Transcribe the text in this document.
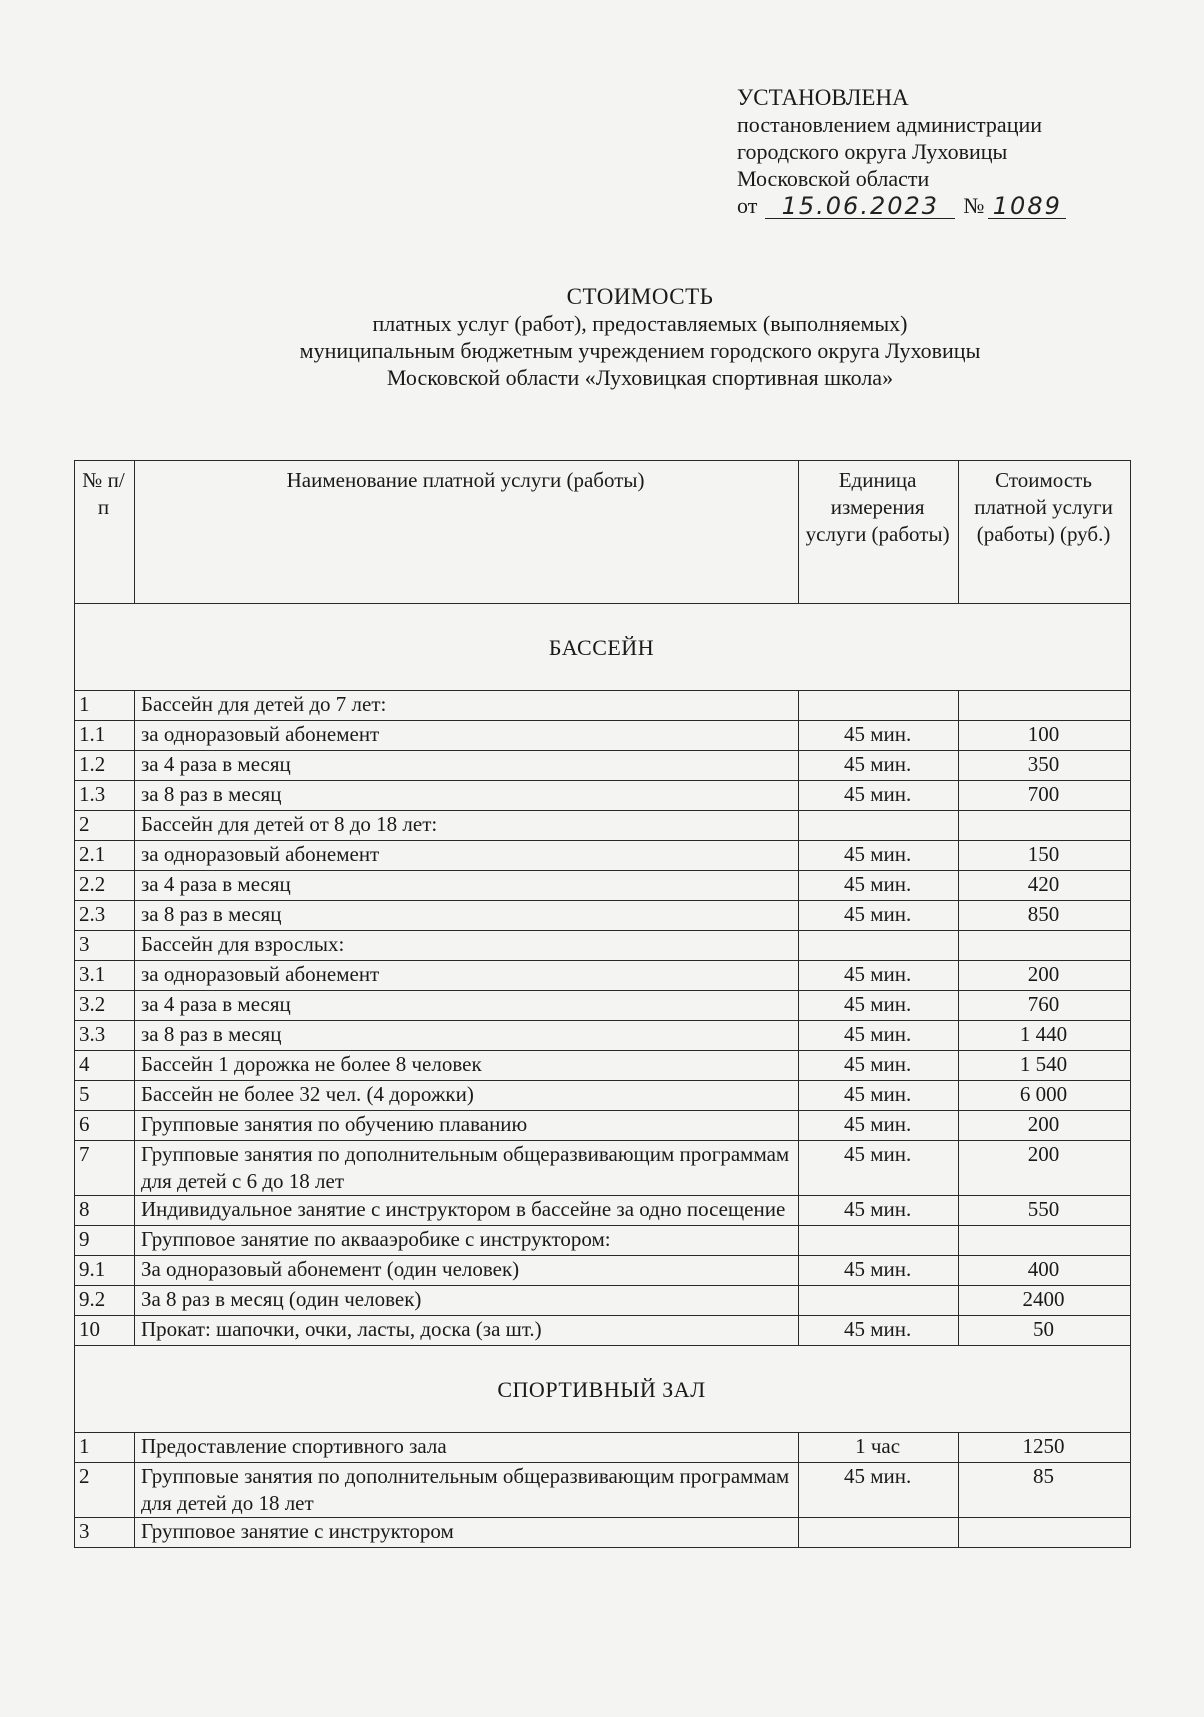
УСТАНОВЛЕНА
постановлением администрации
городского округа Луховицы
Московской области
от	15.06.2023	№ 1089
СТОИМОСТЬ
платных услуг (работ), предоставляемых (выполняемых)
муниципальным бюджетным учреждением городского округа Луховицы
Московской области «Луховицкая спортивная школа»
№ п/п	Наименование платной услуги (работы)	Единица измерения услуги (работы)	Стоимость платной услуги (работы) (руб.)
БАССЕЙН			
1	Бассейн для детей до 7 лет:		
1.1	за одноразовый абонемент	45 мин.	100
1.2	за 4 раза в месяц	45 мин.	350
1.3	за 8 раз в месяц	45 мин.	700
2	Бассейн для детей от 8 до 18 лет:		
2.1	за одноразовый абонемент	45 мин.	150
2.2	за 4 раза в месяц	45 мин.	420
2.3	за 8 раз в месяц	45 мин.	850
3	Бассейн для взрослых:		
3.1	за одноразовый абонемент	45 мин.	200
3.2	за 4 раза в месяц	45 мин.	760
3.3	за 8 раз в месяц	45 мин.	1 440
4	Бассейн 1 дорожка не более 8 человек	45 мин.	1 540
5	Бассейн не более 32 чел. (4 дорожки)	45 мин.	6 000
6	Групповые занятия по обучению плаванию	45 мин.	200
7	Групповые занятия по дополнительным общеразвивающим программам для детей с 6 до 18 лет	45 мин.	200
8	Индивидуальное занятие с инструктором в бассейне за одно посещение	45 мин.	550
9	Групповое занятие по аквааэробике с инструктором:		
9.1	За одноразовый абонемент (один человек)	45 мин.	400
9.2	За 8 раз в месяц (один человек)		2400
10	Прокат: шапочки, очки, ласты, доска (за шт.)	45 мин.	50
СПОРТИВНЫЙ ЗАЛ			
1	Предоставление спортивного зала	1 час	1250
2	Групповые занятия по дополнительным общеразвивающим программам для детей до 18 лет	45 мин.	85
3	Групповое занятие с инструктором		
